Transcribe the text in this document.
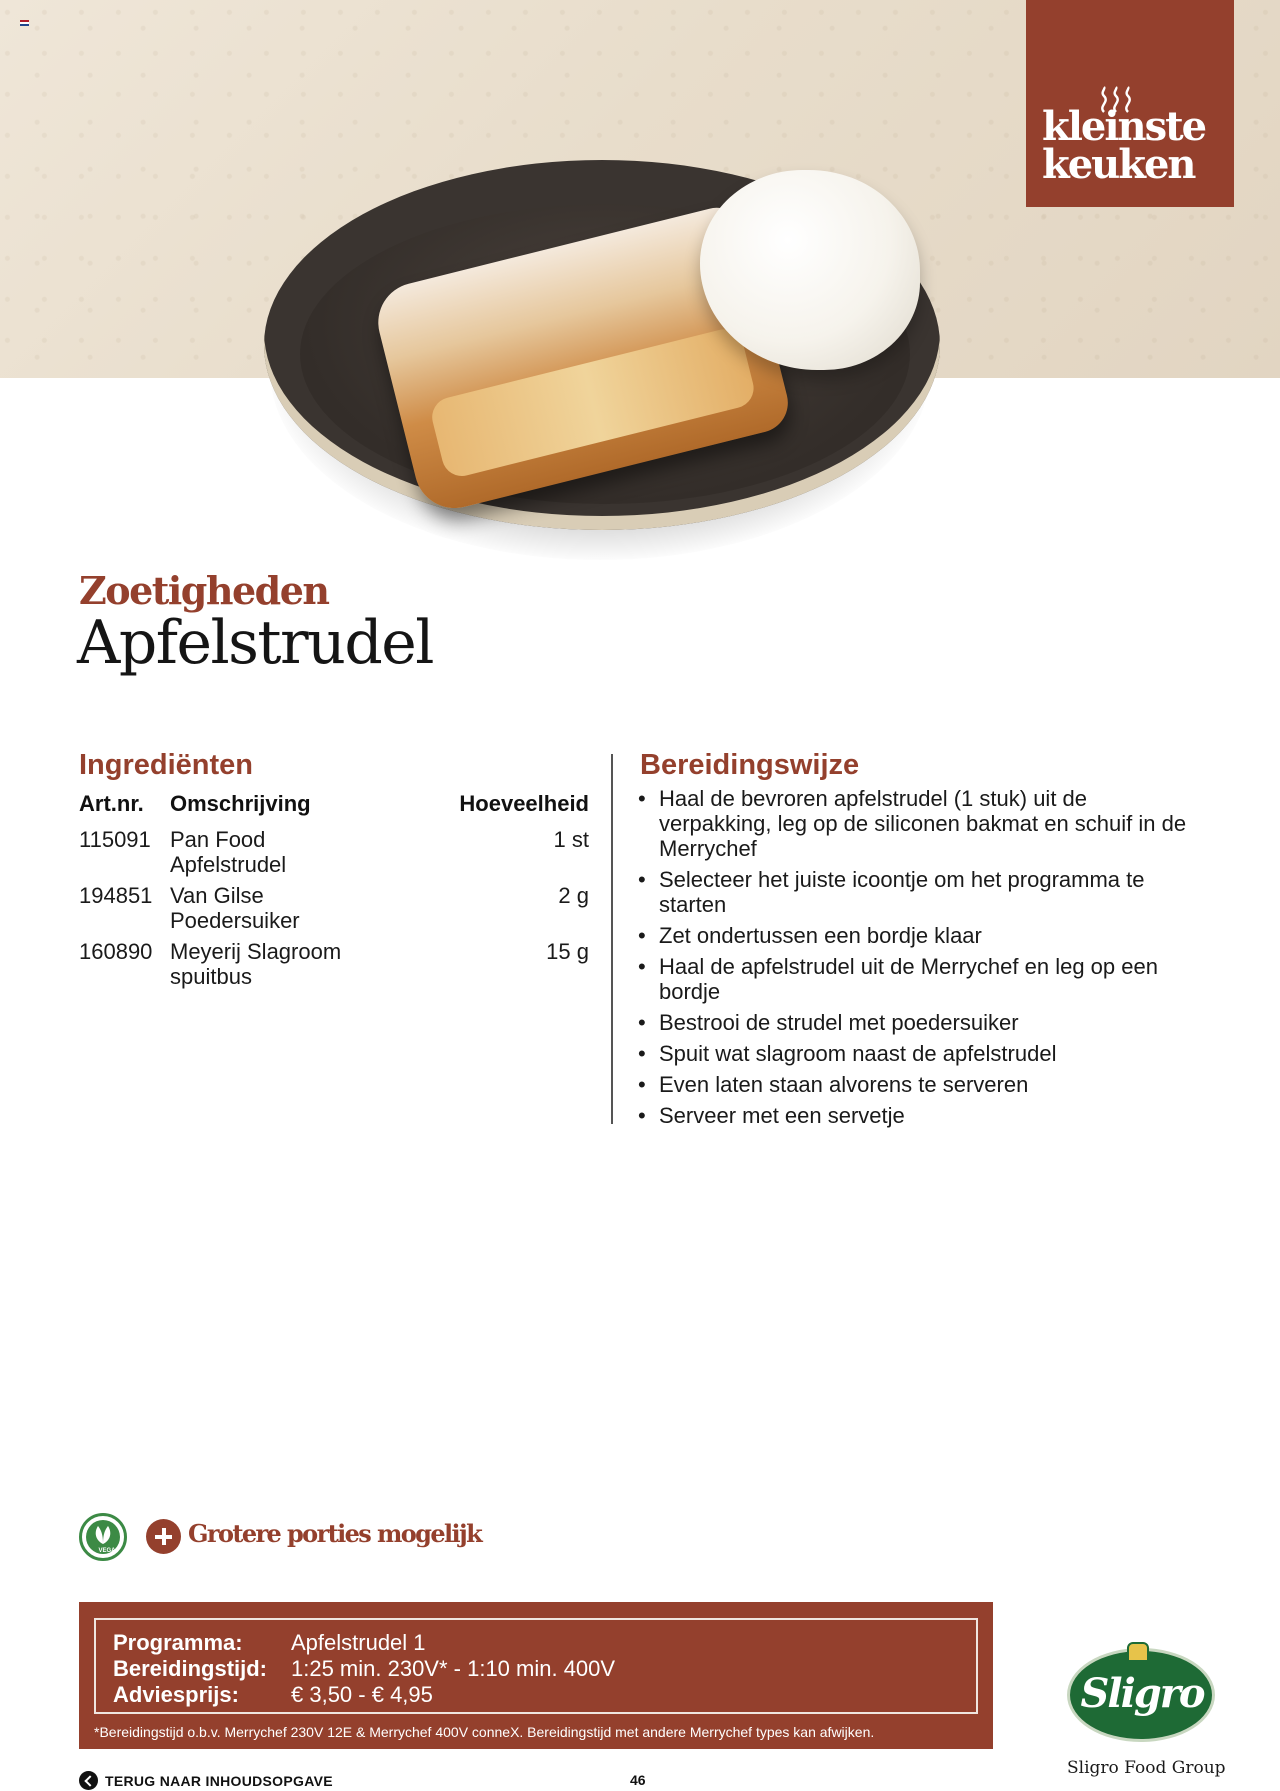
kleinste
keuken
Zoetigheden
Apfelstrudel
Ingrediënten
Art.nr.	Omschrijving	Hoeveelheid
115091	Pan Food Apfelstrudel	1 st
194851	Van Gilse Poedersuiker	2 g
160890	Meyerij Slagroom spuitbus	15 g
Bereidingswijze
• Haal de bevroren apfelstrudel (1 stuk) uit de verpakking, leg op de siliconen bakmat en schuif in de Merrychef
• Selecteer het juiste icoontje om het programma te starten
• Zet ondertussen een bordje klaar
• Haal de apfelstrudel uit de Merrychef en leg op een bordje
• Bestrooi de strudel met poedersuiker
• Spuit wat slagroom naast de apfelstrudel
• Even laten staan alvorens te serveren
• Serveer met een servetje
VEGA
Grotere porties mogelijk
Programma: Apfelstrudel 1
Bereidingstijd: 1:25 min. 230V* - 1:10 min. 400V
Adviesprijs: € 3,50 - € 4,95
*Bereidingstijd o.b.v. Merrychef 230V 12E & Merrychef 400V conneX. Bereidingstijd met andere Merrychef types kan afwijken.
Sligro
Sligro Food Group
TERUG NAAR INHOUDSOPGAVE	46
